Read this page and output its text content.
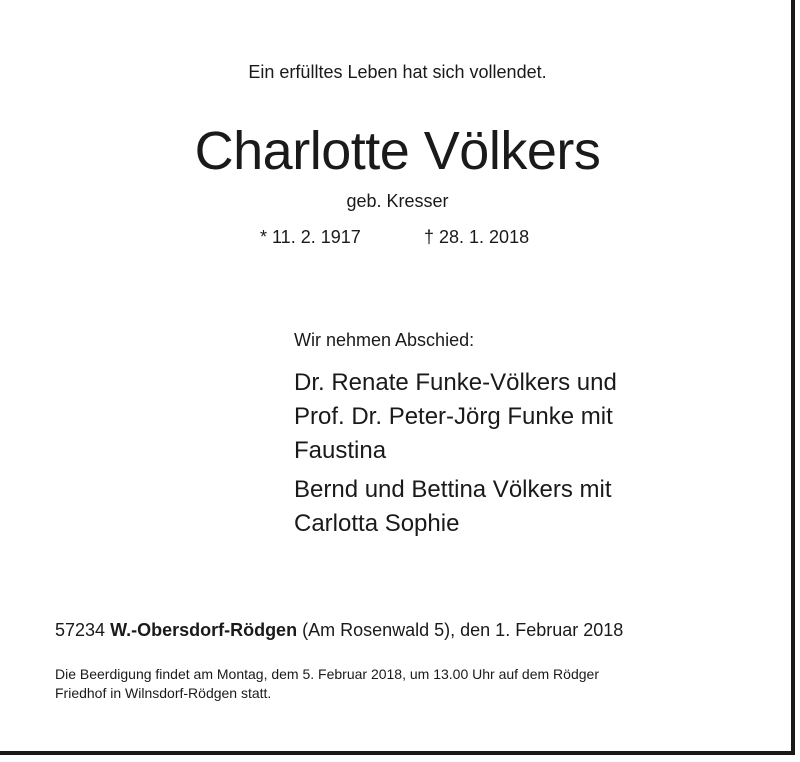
Ein erfülltes Leben hat sich vollendet.
Charlotte Völkers
geb. Kresser
* 11. 2. 1917	† 28. 1. 2018
Wir nehmen Abschied:
Dr. Renate Funke-Völkers und
Prof. Dr. Peter-Jörg Funke mit
Faustina
Bernd und Bettina Völkers mit
Carlotta Sophie
57234 W.-Obersdorf-Rödgen (Am Rosenwald 5), den 1. Februar 2018
Die Beerdigung findet am Montag, dem 5. Februar 2018, um 13.00 Uhr auf dem Rödger
Friedhof in Wilnsdorf-Rödgen statt.
